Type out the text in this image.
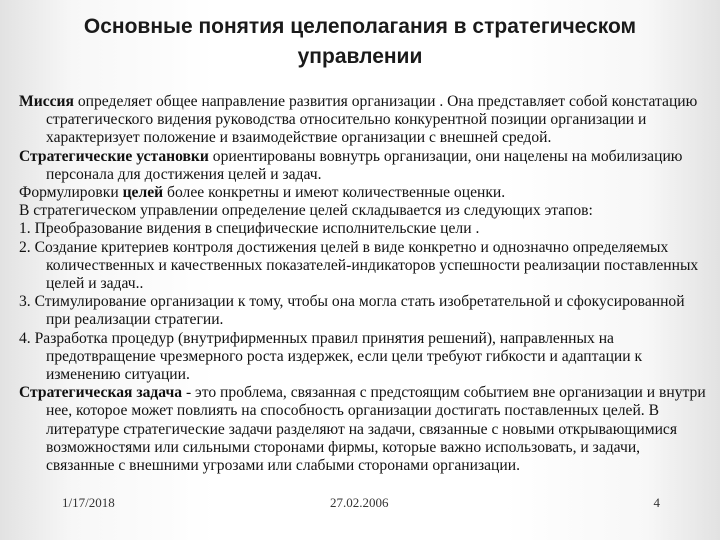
Основные понятия целеполагания в стратегическом управлении

Миссия определяет общее направление развития организации . Она представляет собой констатацию стратегического видения руководства относительно конкурентной позиции организации и характеризует положение и взаимодействие организации с внешней средой.

Стратегические установки ориентированы вовнутрь организации, они нацелены на мобилизацию персонала для достижения целей и задач.

Формулировки целей более конкретны и имеют количественные оценки.

В стратегическом управлении определение целей складывается из следующих этапов:

1. Преобразование видения в специфические исполнительские цели .

2. Создание критериев контроля достижения целей в виде конкретно и однозначно определяемых количественных и качественных показателей-индикаторов успешности реализации поставленных целей и задач..

3. Стимулирование организации к тому, чтобы она могла стать изобретательной и сфокусированной при реализации стратегии.

4. Разработка процедур (внутрифирменных правил принятия решений), направленных на предотвращение чрезмерного роста издержек, если цели требуют гибкости и адаптации к изменению ситуации.

Стратегическая задача - это проблема, связанная с предстоящим событием вне организации и внутри нее, которое может повлиять на способность организации достигать поставленных целей. В литературе стратегические задачи разделяют на задачи, связанные с новыми открывающимися возможностями или сильными сторонами фирмы, которые важно использовать, и задачи, связанные с внешними угрозами или слабыми сторонами организации.

1/17/2018	27.02.2006	4
